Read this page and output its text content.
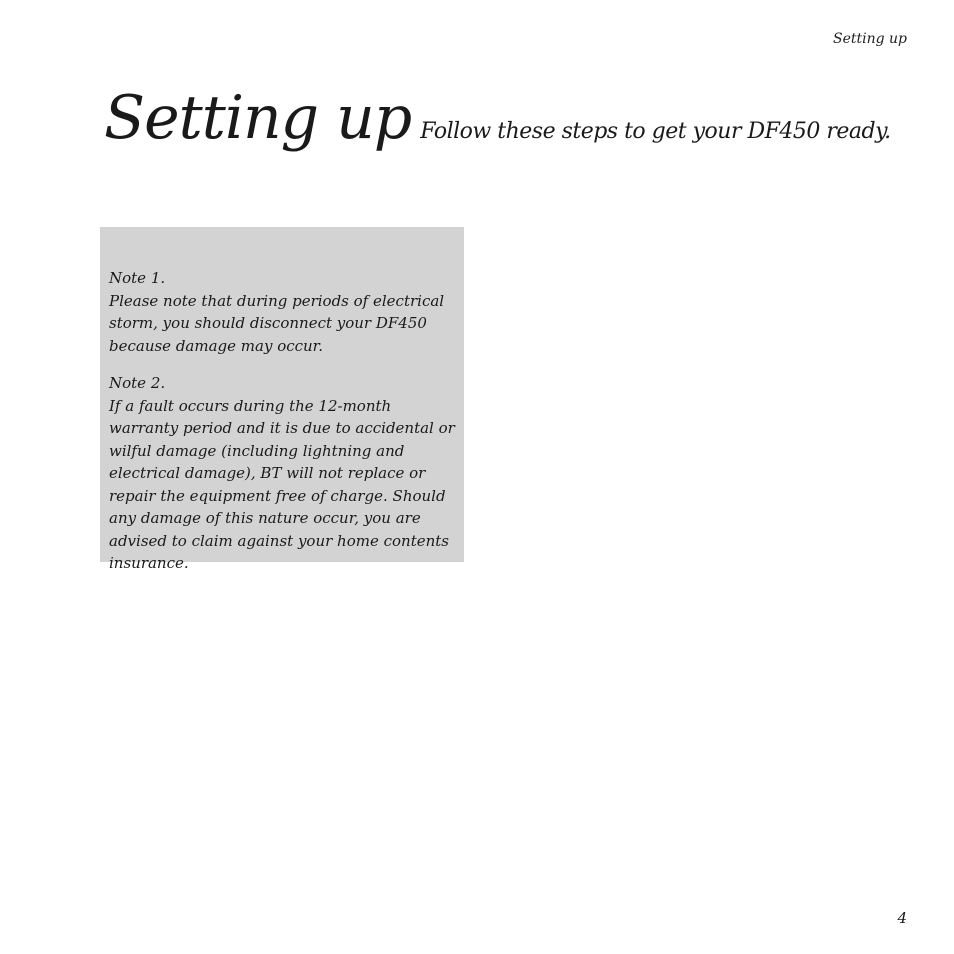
Setting up
Setting up Follow these steps to get your DF450 ready.

Note 1.
Please note that during periods of electrical storm, you should disconnect your DF450 because damage may occur.

Note 2.
If a fault occurs during the 12-month warranty period and it is due to accidental or wilful damage (including lightning and electrical damage), BT will not replace or repair the equipment free of charge. Should any damage of this nature occur, you are advised to claim against your home contents insurance.

4
